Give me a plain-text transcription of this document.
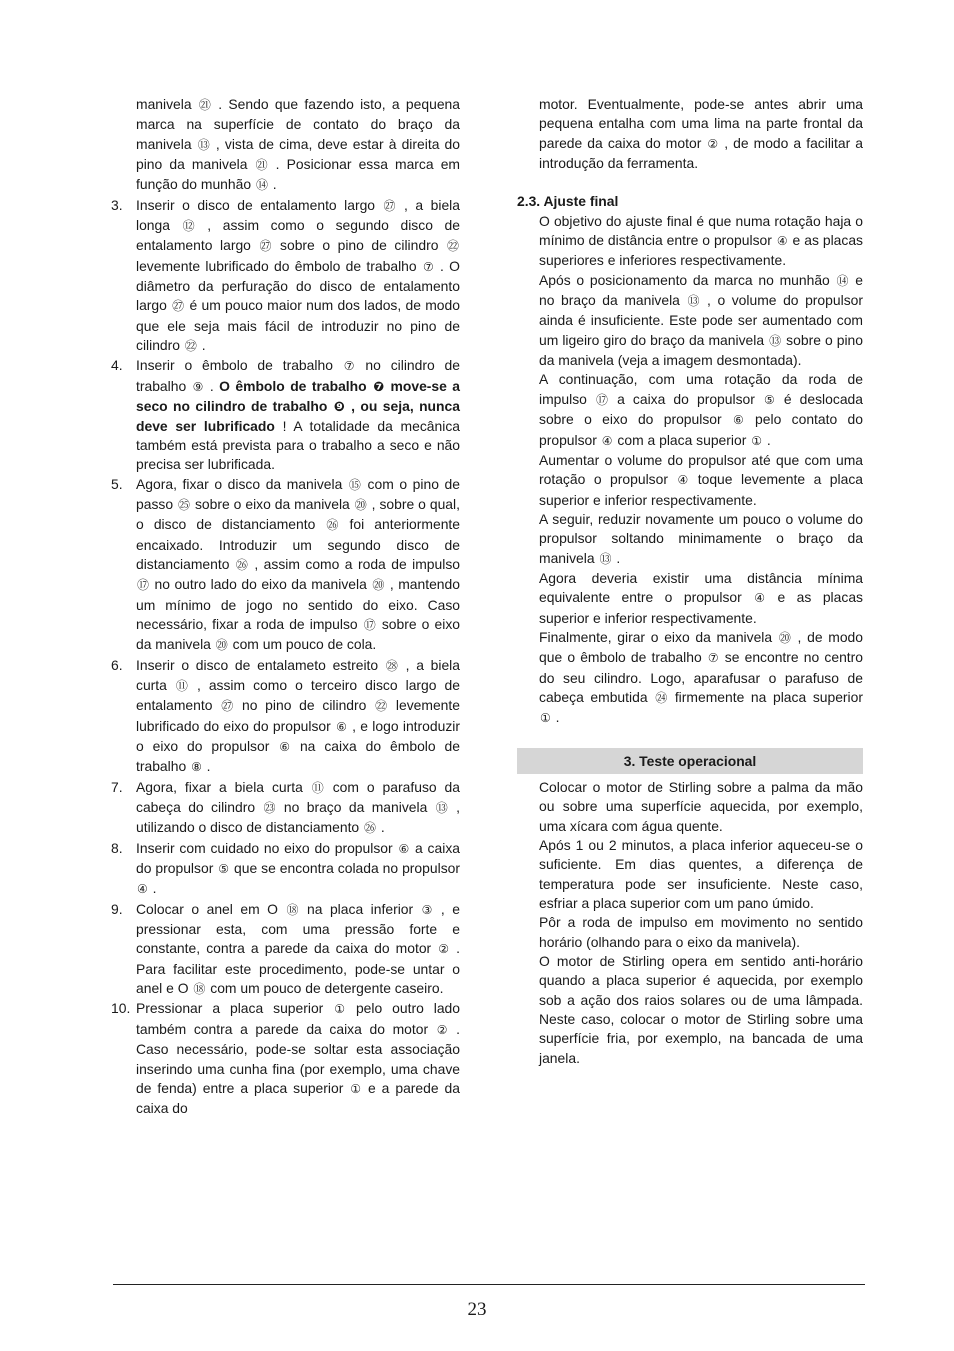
manivela ㉑ . Sendo que fazendo isto, a pequena marca na superfície de contato do braço da manivela ⑬ , vista de cima, deve estar à direita do pino da manivela ㉑ . Posicionar essa marca em função do munhão ⑭ .

3. Inserir o disco de entalamento largo ㉗ , a biela longa ⑫ , assim como o segundo disco de entalamento largo ㉗ sobre o pino de cilindro ㉒ levemente lubrificado do êmbolo de trabalho ⑦ . O diâmetro da perfuração do disco de entalamento largo ㉗ é um pouco maior num dos lados, de modo que ele seja mais fácil de introduzir no pino de cilindro ㉒ .
4. Inserir o êmbolo de trabalho ⑦ no cilindro de trabalho ⑨ . O êmbolo de trabalho ❼ move-se a seco no cilindro de trabalho ❾ , ou seja, nunca deve ser lubrificado ! A totalidade da mecânica também está prevista para o trabalho a seco e não precisa ser lubrificada.
5. Agora, fixar o disco da manivela ⑮ com o pino de passo ㉕ sobre o eixo da manivela ⑳ , sobre o qual, o disco de distanciamento ㉖ foi anteriormente encaixado. Introduzir um segundo disco de distanciamento ㉖ , assim como a roda de impulso ⑰ no outro lado do eixo da manivela ⑳ , mantendo um mínimo de jogo no sentido do eixo. Caso necessário, fixar a roda de impulso ⑰ sobre o eixo da manivela ⑳ com um pouco de cola.
6. Inserir o disco de entalameto estreito ㉘ , a biela curta ⑪ , assim como o terceiro disco largo de entalamento ㉗ no pino de cilindro ㉒ levemente lubrificado do eixo do propulsor ⑥ , e logo introduzir o eixo do propulsor ⑥ na caixa do êmbolo de trabalho ⑧ .
7. Agora, fixar a biela curta ⑪ com o parafuso da cabeça do cilindro ㉓ no braço da manivela ⑬ , utilizando o disco de distanciamento ㉖ .
8. Inserir com cuidado no eixo do propulsor ⑥ a caixa do propulsor ⑤ que se encontra colada no propulsor ④ .
9. Colocar o anel em O ⑱ na placa inferior ③ , e pressionar esta, com uma pressão forte e constante, contra a parede da caixa do motor ② . Para facilitar este procedimento, pode-se untar o anel e O ⑱ com um pouco de detergente caseiro.
10. Pressionar a placa superior ① pelo outro lado também contra a parede da caixa do motor ② . Caso necessário, pode-se soltar esta associação inserindo uma cunha fina (por exemplo, uma chave de fenda) entre a placa superior ① e a parede da caixa do

motor. Eventualmente, pode-se antes abrir uma pequena entalha com uma lima na parte frontal da parede da caixa do motor ② , de modo a facilitar a introdução da ferramenta.

2.3. Ajuste final

O objetivo do ajuste final é que numa rotação haja o mínimo de distância entre o propulsor ④ e as placas superiores e inferiores respectivamente.

Após o posicionamento da marca no munhão ⑭ e no braço da manivela ⑬ , o volume do propulsor ainda é insuficiente. Este pode ser aumentado com um ligeiro giro do braço da manivela ⑬ sobre o pino da manivela (veja a imagem desmontada).

A continuação, com uma rotação da roda de impulso ⑰ a caixa do propulsor ⑤ é deslocada sobre o eixo do propulsor ⑥ pelo contato do propulsor ④ com a placa superior ① .

Aumentar o volume do propulsor até que com uma rotação o propulsor ④ toque levemente a placa superior e inferior respectivamente.

A seguir, reduzir novamente um pouco o volume do propulsor soltando minimamente o braço da manivela ⑬ .

Agora deveria existir uma distância mínima equivalente entre o propulsor ④ e as placas superior e inferior respectivamente.

Finalmente, girar o eixo da manivela ⑳ , de modo que o êmbolo de trabalho ⑦ se encontre no centro do seu cilindro. Logo, aparafusar o parafuso de cabeça embutida ㉔ firmemente na placa superior ① .

3. Teste operacional

Colocar o motor de Stirling sobre a palma da mão ou sobre uma superfície aquecida, por exemplo, uma xícara com água quente.

Após 1 ou 2 minutos, a placa inferior aqueceu-se o suficiente. Em dias quentes, a diferença de temperatura pode ser insuficiente. Neste caso, esfriar a placa superior com um pano úmido.

Pôr a roda de impulso em movimento no sentido horário (olhando para o eixo da manivela).

O motor de Stirling opera em sentido anti-horário quando a placa superior é aquecida, por exemplo sob a ação dos raios solares ou de uma lâmpada. Neste caso, colocar o motor de Stirling sobre uma superfície fria, por exemplo, na bancada de uma janela.

23
